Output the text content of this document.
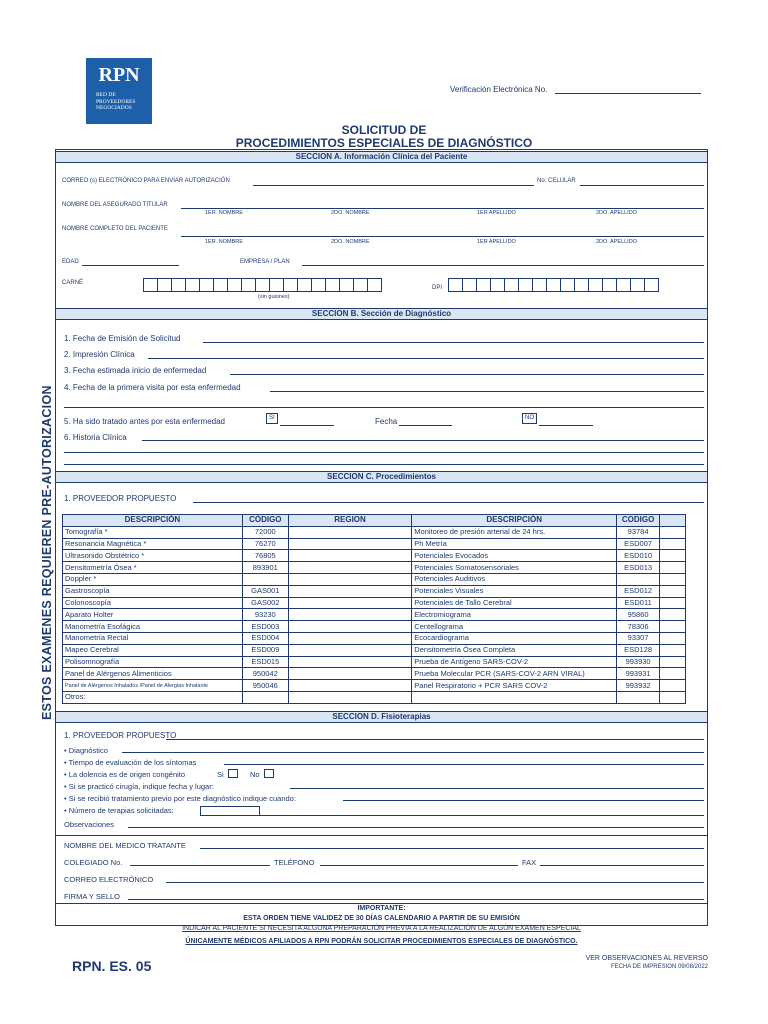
RPN
RED DE
PROVEEDORES
NEGOCIADOS
Verificación Electrónica No.
SOLICITUD DE
PROCEDIMIENTOS ESPECIALES DE DIAGNÓSTICO
ESTOS EXAMENES REQUIEREN PRE-AUTORIZACION
SECCION A. Información Clínica del Paciente
CORREO (s) ELECTRÓNICO PARA ENVIAR AUTORIZACIÓN	No. CELULAR
NOMBRE DEL ASEGURADO TITULAR
1ER. NOMBRE	2DO. NOMBRE	1ER APELLIDO	2DO. APELLIDO
NOMBRE COMPLETO DEL PACIENTE
1ER. NOMBRE	2DO. NOMBRE	1ER APELLIDO	2DO. APELLIDO
EDAD	EMPRESA / PLAN
CARNÉ
(sin guiones)
DPI
SECCION B. Sección de Diagnóstico
1. Fecha de Emisión de Solicitud
2. Impresión Clínica
3. Fecha estimada inicio de enfermedad
4. Fecha de la primera visita por esta enfermedad
5. Ha sido tratado antes por esta enfermedad	SI	Fecha	NO
6. Historia Clínica
SECCION C. Procedimientos
1. PROVEEDOR PROPUESTO
DESCRIPCIÓN	CÓDIGO	REGION	DESCRIPCIÓN	CODIGO	
Tomografía *	72000		Monitoreo de presión arterial de 24 hrs.	93784	
Resonancia Magnética *	76270		Ph Metría	ESD007	
Ultrasonido Obstétrico *	76805		Potenciales Evocados	ESD010	
Densitometría Ósea *	893901		Potenciales Somatosensoriales	ESD013	
Doppler *			Potenciales Auditivos		
Gastroscopía	GAS001		Potenciales Visuales	ESD012	
Colonoscopía	GAS002		Potenciales de Tallo Cerebral	ESD011	
Aparato Holter	93230		Electromiograma	95860	
Manometría Esofágica	ESD003		Centellograma	78306	
Manometría Rectal	ESD004		Ecocardiograma	93307	
Mapeo Cerebral	ESD009		Densitometría Ósea Completa	ESD128	
Polisomnografía	ESD015		Prueba de Antígeno SARS-COV-2	993930	
Panel de Alérgenos Alimenticios	950042		Prueba Molecular PCR (SARS-COV-2 ARN VIRAL)	993931	
Panel de Alérgenos Inhalados /Panel de Alergias Inhalante	950046		Panel Respiratorio + PCR SARS COV-2	993932	
Otros:					
SECCION D. Fisioterapias
1. PROVEEDOR PROPUESTO
• Diagnóstico
• Tiempo de evaluación de los síntomas
• La dolencia es de origen congénito	Si	No
• Si se practicó cirugía, indique fecha y lugar:
• Si se recibió tratamiento previo por este diagnóstico indique cuando:
• Número de terapias solicitadas:
Observaciones
NOMBRE DEL MEDICO TRATANTE
COLEGIADO No.	TELÉFONO	FAX
CORREO ELECTRÓNICO
FIRMA Y SELLO
IMPORTANTE:
ESTA ORDEN TIENE VALIDEZ DE 30 DÍAS CALENDARIO A PARTIR DE SU EMISIÓN
INDICAR AL PACIENTE SI NECESITA ALGUNA PREPARACIÓN PREVIA A LA REALIZACIÓN DE ALGÚN EXAMEN ESPECIAL
ÚNICAMENTE MÉDICOS AFILIADOS A RPN PODRÁN SOLICITAR PROCEDIMIENTOS ESPECIALES DE DIAGNÓSTICO.
RPN. ES. 05	VER OBSERVACIONES AL REVERSO
FECHA DE IMPRESION 09/08/2022
